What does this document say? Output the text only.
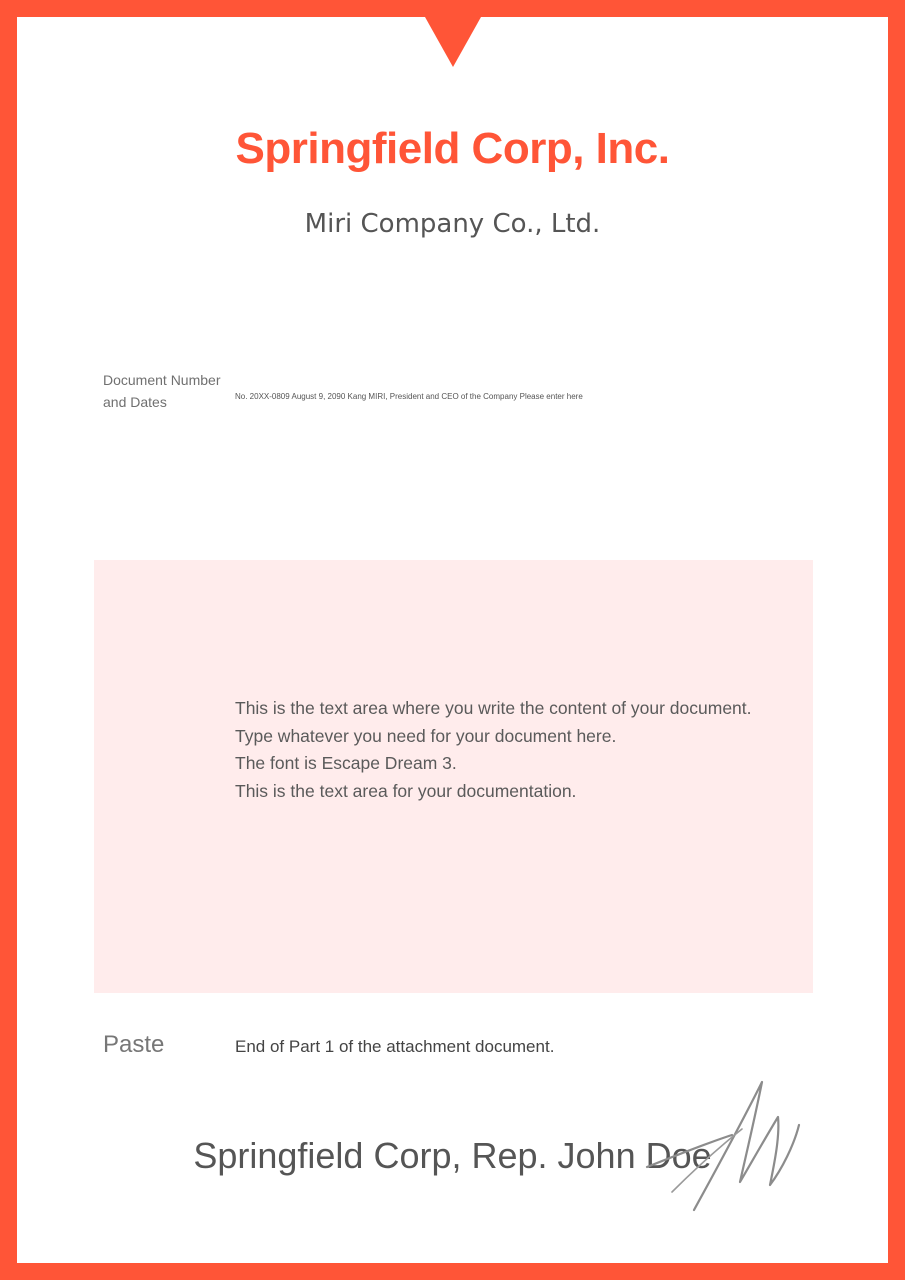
Springfield Corp, Inc.
Miri Company Co., Ltd.
Document Number and Dates	No. 20XX-0809 August 9, 2090 Kang MIRI, President and CEO of the Company Please enter here
This is the text area where you write the content of your document.
Type whatever you need for your document here.
The font is Escape Dream 3.
This is the text area for your documentation.
Paste	End of Part 1 of the attachment document.
Springfield Corp, Rep. John Doe
